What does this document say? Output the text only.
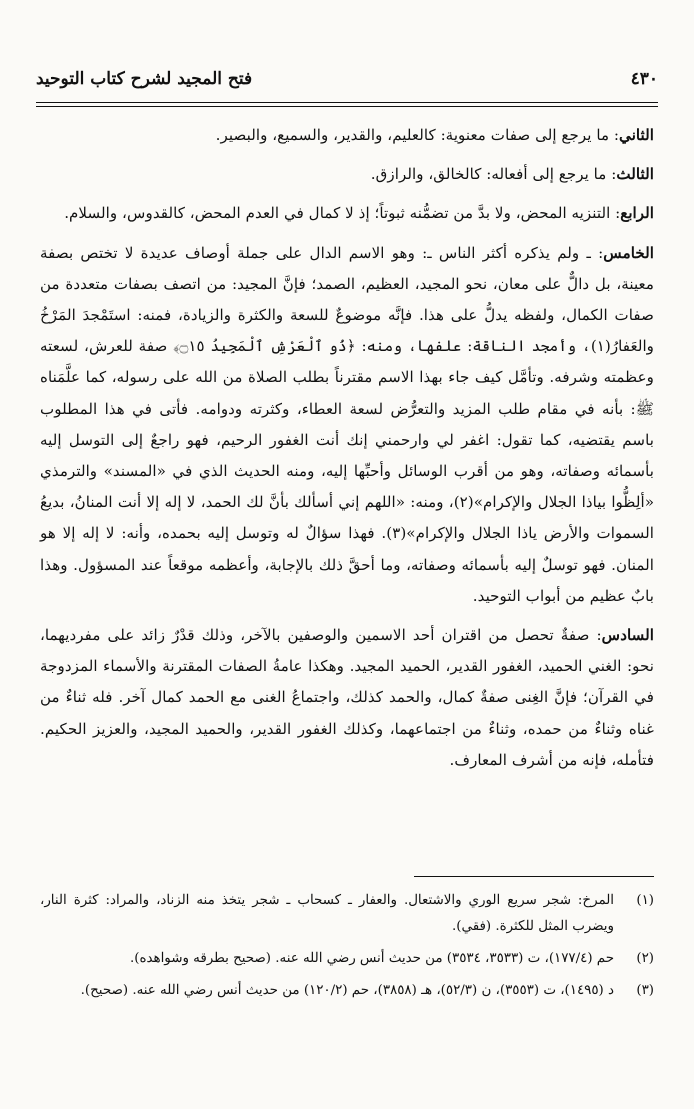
٤٣٠
فتح المجيد لشرح كتاب التوحيد

الثاني: ما يرجع إلى صفات معنوية: كالعليم، والقدير، والسميع، والبصير.

الثالث: ما يرجع إلى أفعاله: كالخالق، والرازق.

الرابع: التنزيه المحض، ولا بدَّ من تضمُّنه ثبوتاً؛ إذ لا كمال في العدم المحض، كالقدوس، والسلام.

الخامس: ـ ولم يذكره أكثر الناس ـ: وهو الاسم الدال على جملة أوصاف عديدة لا تختص بصفة معينة، بل دالٌّ على معان، نحو المجيد، العظيم، الصمد؛ فإنَّ المجيد: من اتصف بصفات متعددة من صفات الكمال، ولفظه يدلُّ على هذا. فإنَّه موضوعٌ للسعة والكثرة والزيادة، فمنه: استَمْجدَ المَرْخُ والعَفارُ(١)، وأمجد الناقة: علفها، ومنه: ﴿ذُو ٱلْعَرْشِ ٱلْمَجِيدُ ۝١٥﴾ صفة للعرش، لسعته وعظمته وشرفه. وتأمَّل كيف جاء بهذا الاسم مقترناً بطلب الصلاة من الله على رسوله، كما علَّمَناه ﷺ: بأنه في مقام طلب المزيد والتعرُّض لسعة العطاء، وكثرته ودوامه. فأتى في هذا المطلوب باسم يقتضيه، كما تقول: اغفر لي وارحمني إنك أنت الغفور الرحيم، فهو راجعٌ إلى التوسل إليه بأسمائه وصفاته، وهو من أقرب الوسائل وأحبِّها إليه، ومنه الحديث الذي في «المسند» والترمذي «ألِظُّوا بياذا الجلال والإكرام»(٢)، ومنه: «اللهم إني أسألك بأنَّ لك الحمد، لا إله إلا أنت المنانُ، بديعُ السموات والأرض ياذا الجلال والإكرام»(٣). فهذا سؤالٌ له وتوسل إليه بحمده، وأنه: لا إله إلا هو المنان. فهو توسلٌ إليه بأسمائه وصفاته، وما أحقَّ ذلك بالإجابة، وأعظمه موقعاً عند المسؤول. وهذا بابٌ عظيم من أبواب التوحيد.

السادس: صفةٌ تحصل من اقتران أحد الاسمين والوصفين بالآخر، وذلك قدْرٌ زائد على مفرديهما، نحو: الغني الحميد، الغفور القدير، الحميد المجيد. وهكذا عامةُ الصفات المقترنة والأسماء المزدوجة في القرآن؛ فإنَّ الغِنى صفةٌ كمال، والحمد كذلك، واجتماعُ الغنى مع الحمد كمال آخر. فله ثناءٌ من غناه وثناءٌ من حمده، وثناءٌ من اجتماعهما، وكذلك الغفور القدير، والحميد المجيد، والعزيز الحكيم. فتأمله، فإنه من أشرف المعارف.

(١)
المرخ: شجر سريع الوري والاشتعال. والعفار ـ كسحاب ـ شجر يتخذ منه الزناد، والمراد: كثرة النار، ويضرب المثل للكثرة. (فقي).
(٢)
حم (١٧٧/٤)، ت (٣٥٣٣، ٣٥٣٤) من حديث أنس رضي الله عنه. (صحيح بطرقه وشواهده).
(٣)
د (١٤٩٥)، ت (٣٥٥٣)، ن (٥٢/٣)، هـ (٣٨٥٨)، حم (١٢٠/٢) من حديث أنس رضي الله عنه. (صحيح).
